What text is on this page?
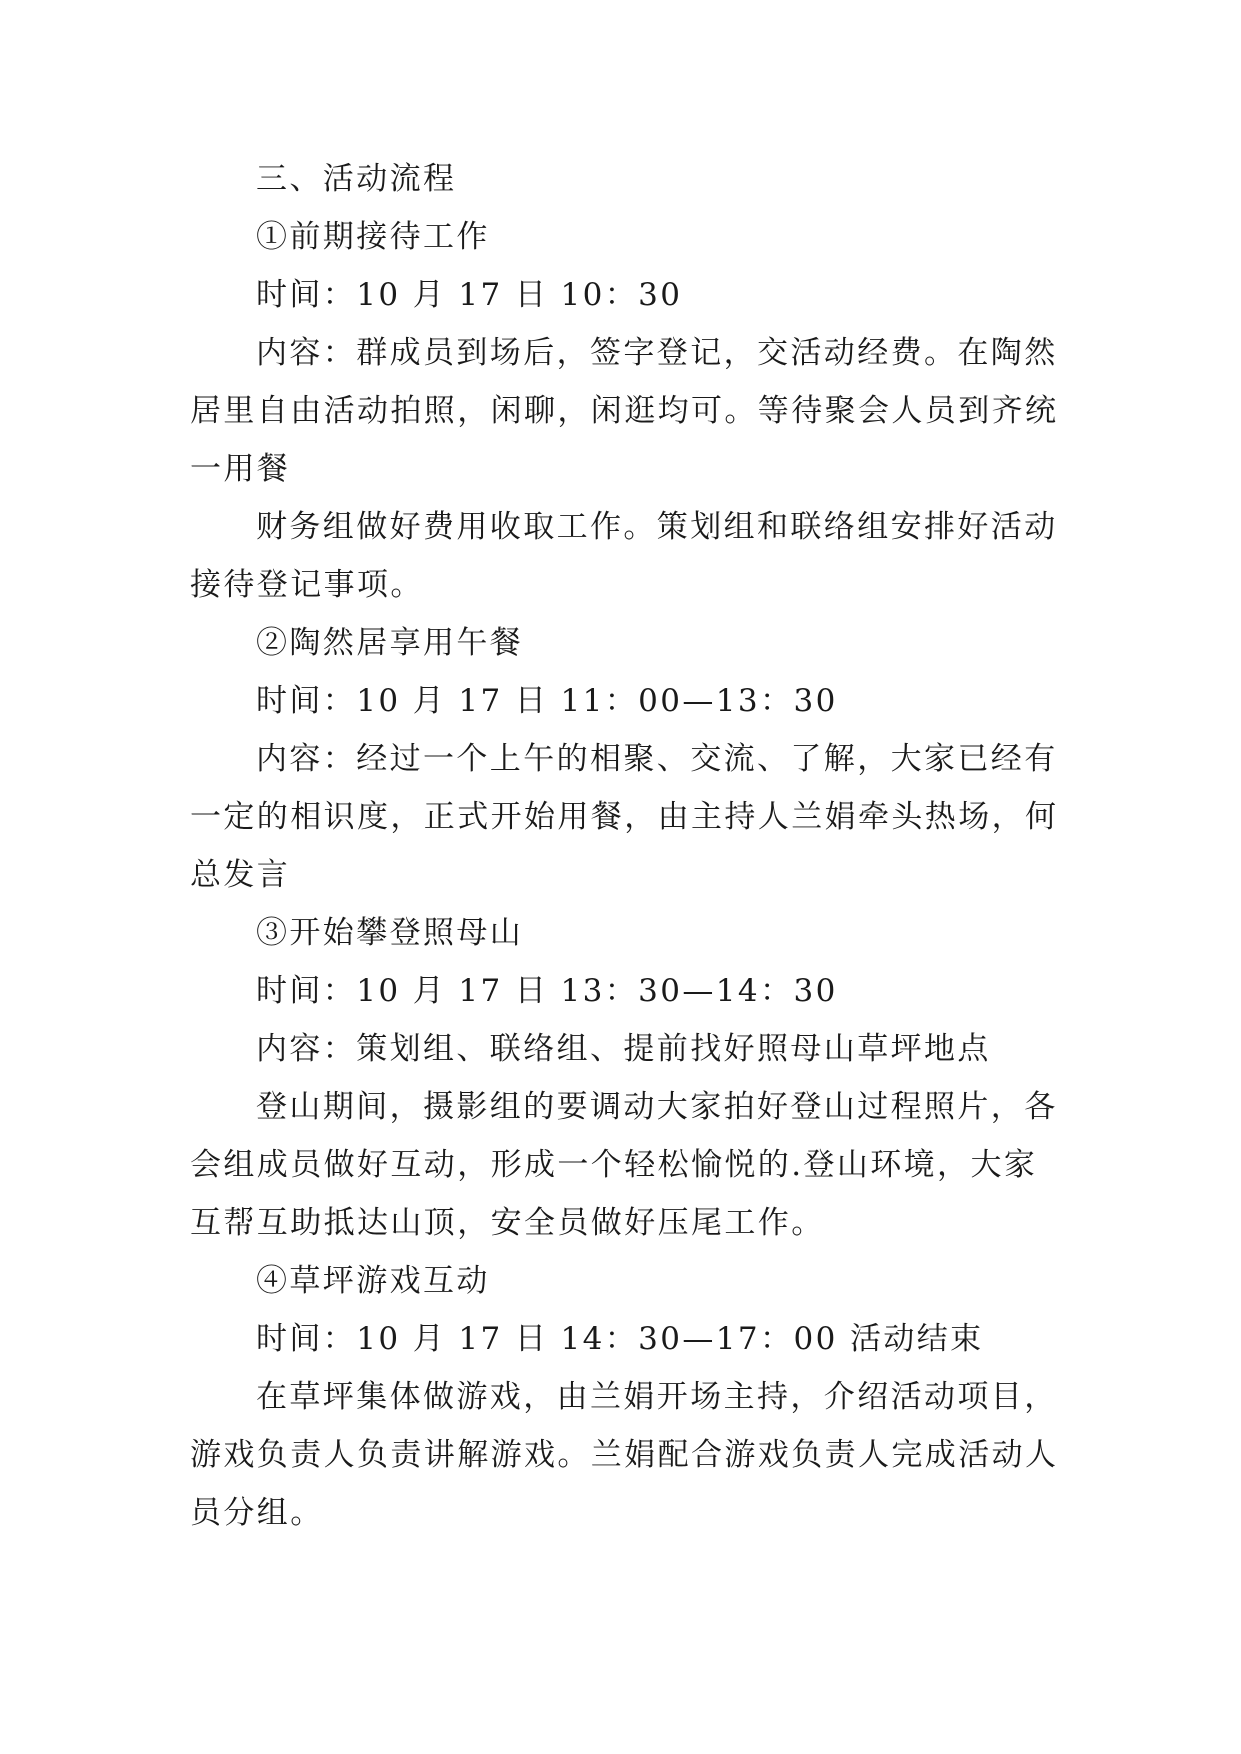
三、活动流程
①前期接待工作
时间：10 月 17 日 10：30
内容：群成员到场后，签字登记，交活动经费。在陶然
居里自由活动拍照，闲聊，闲逛均可。等待聚会人员到齐统
一用餐
财务组做好费用收取工作。策划组和联络组安排好活动
接待登记事项。
②陶然居享用午餐
时间：10 月 17 日 11：00—13：30
内容：经过一个上午的相聚、交流、了解，大家已经有
一定的相识度，正式开始用餐，由主持人兰娟牵头热场，何
总发言
③开始攀登照母山
时间：10 月 17 日 13：30—14：30
内容：策划组、联络组、提前找好照母山草坪地点
登山期间，摄影组的要调动大家拍好登山过程照片，各
会组成员做好互动，形成一个轻松愉悦的.登山环境，大家
互帮互助抵达山顶，安全员做好压尾工作。
④草坪游戏互动
时间：10 月 17 日 14：30—17：00 活动结束
在草坪集体做游戏，由兰娟开场主持，介绍活动项目，
游戏负责人负责讲解游戏。兰娟配合游戏负责人完成活动人
员分组。
